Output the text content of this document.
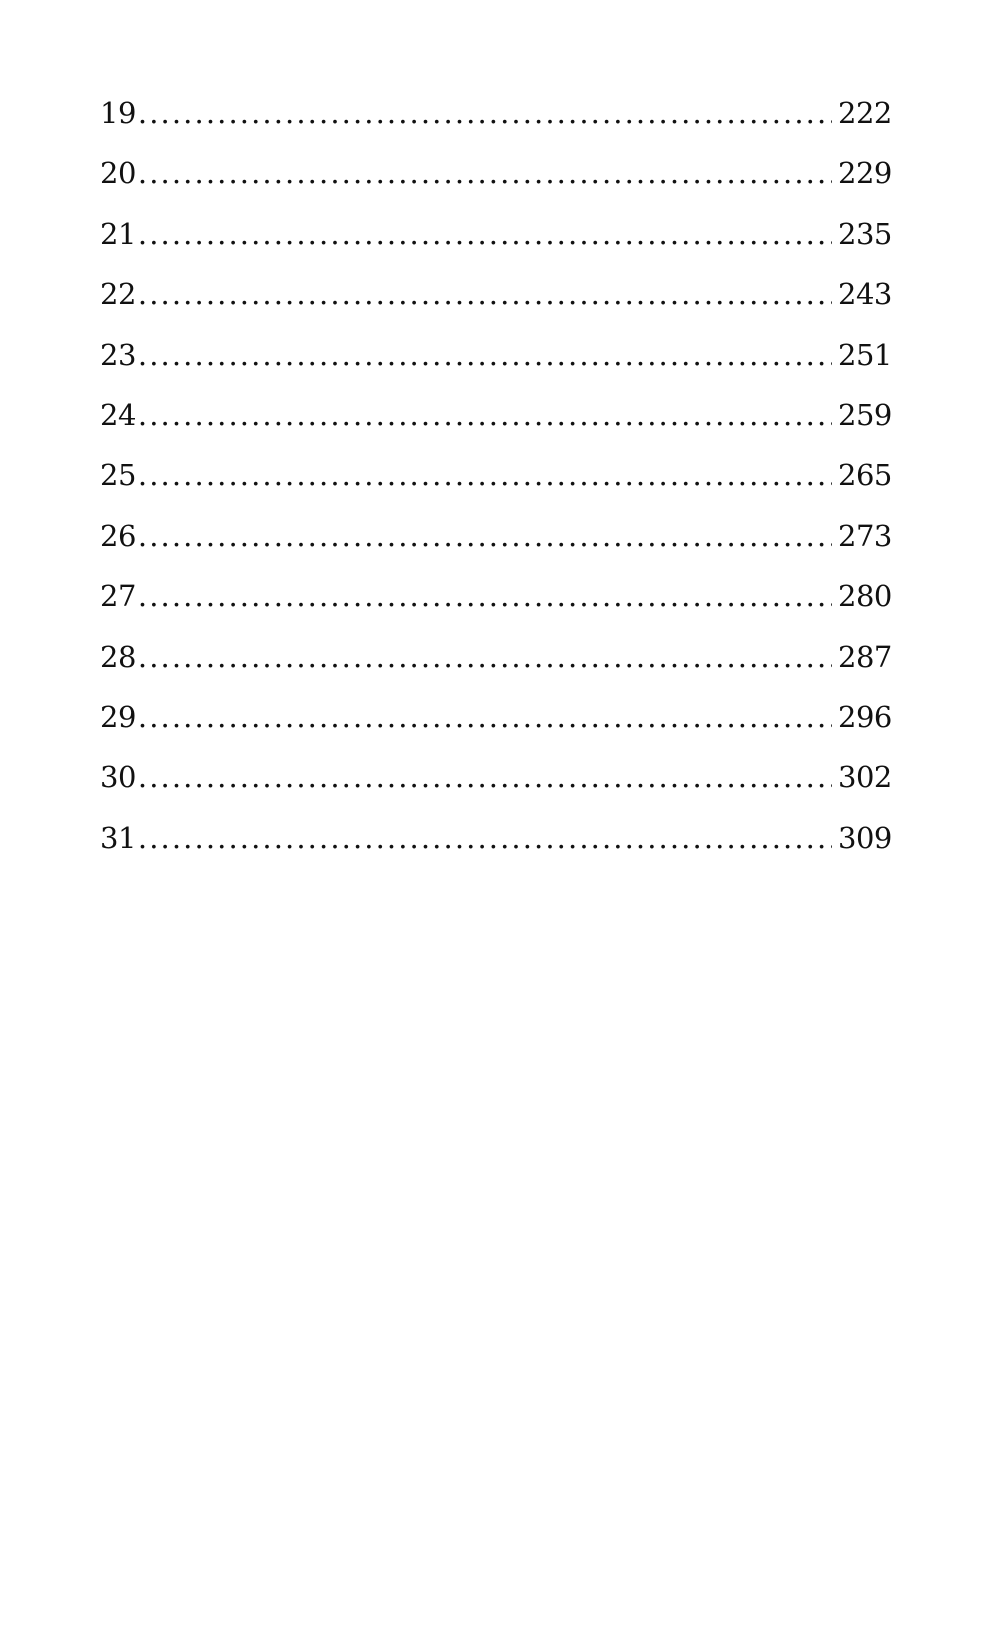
19 .....	222
20 .....	229
21 .....	235
22 .....	243
23 .....	251
24 .....	259
25 .....	265
26 .....	273
27 .....	280
28 .....	287
29 .....	296
30 .....	302
31 .....	309
